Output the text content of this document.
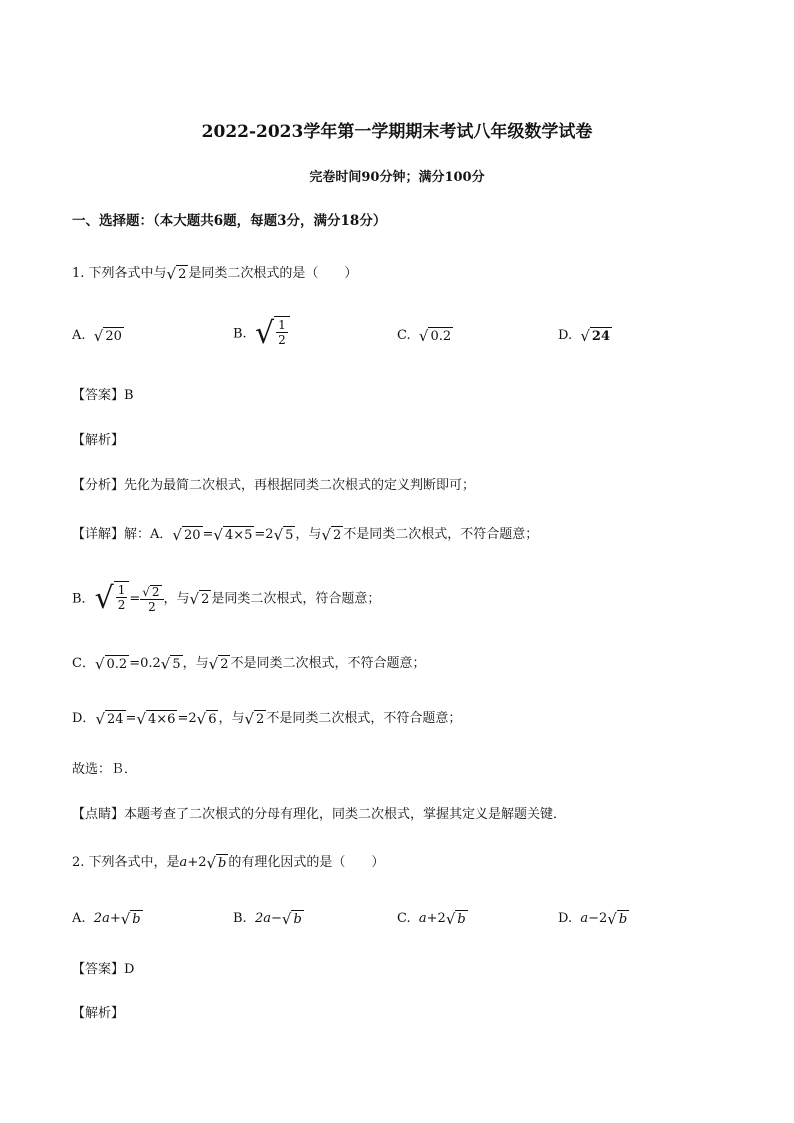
2022-2023学年第一学期期末考试八年级数学试卷
完卷时间90分钟；满分100分
一、选择题：（本大题共6题，每题3分，满分18分）
1. 下列各式中与 √ 2 是同类二次根式的是（　　）
A. √ 20	B. √ $\frac{1}{2}$	C. √ 0.2	D. √ 24
【答案】B
【解析】
【分析】先化为最简二次根式，再根据同类二次根式的定义判断即可；
【详解】解：A． √ 20 = √ 4×5 =2 √ 5 ，与 √ 2 不是同类二次根式，不符合题意；
B． √ $\frac{1}{2} = \frac{√ 2}{2}$ ，与 √ 2 是同类二次根式，符合题意；
C． √ 0.2 =0.2 √ 5 ，与 √ 2 不是同类二次根式，不符合题意；
D． √ 24 = √ 4×6 =2 √ 6 ，与 √ 2 不是同类二次根式，不符合题意；
故选：Ｂ．
【点睛】本题考查了二次根式的分母有理化，同类二次根式，掌握其定义是解题关键．
2. 下列各式中，是a+2 √ b 的有理化因式的是（　　）
A. 2a+ √ b	B. 2a− √ b	C. a+2 √ b	D. a−2 √ b
【答案】D
【解析】
